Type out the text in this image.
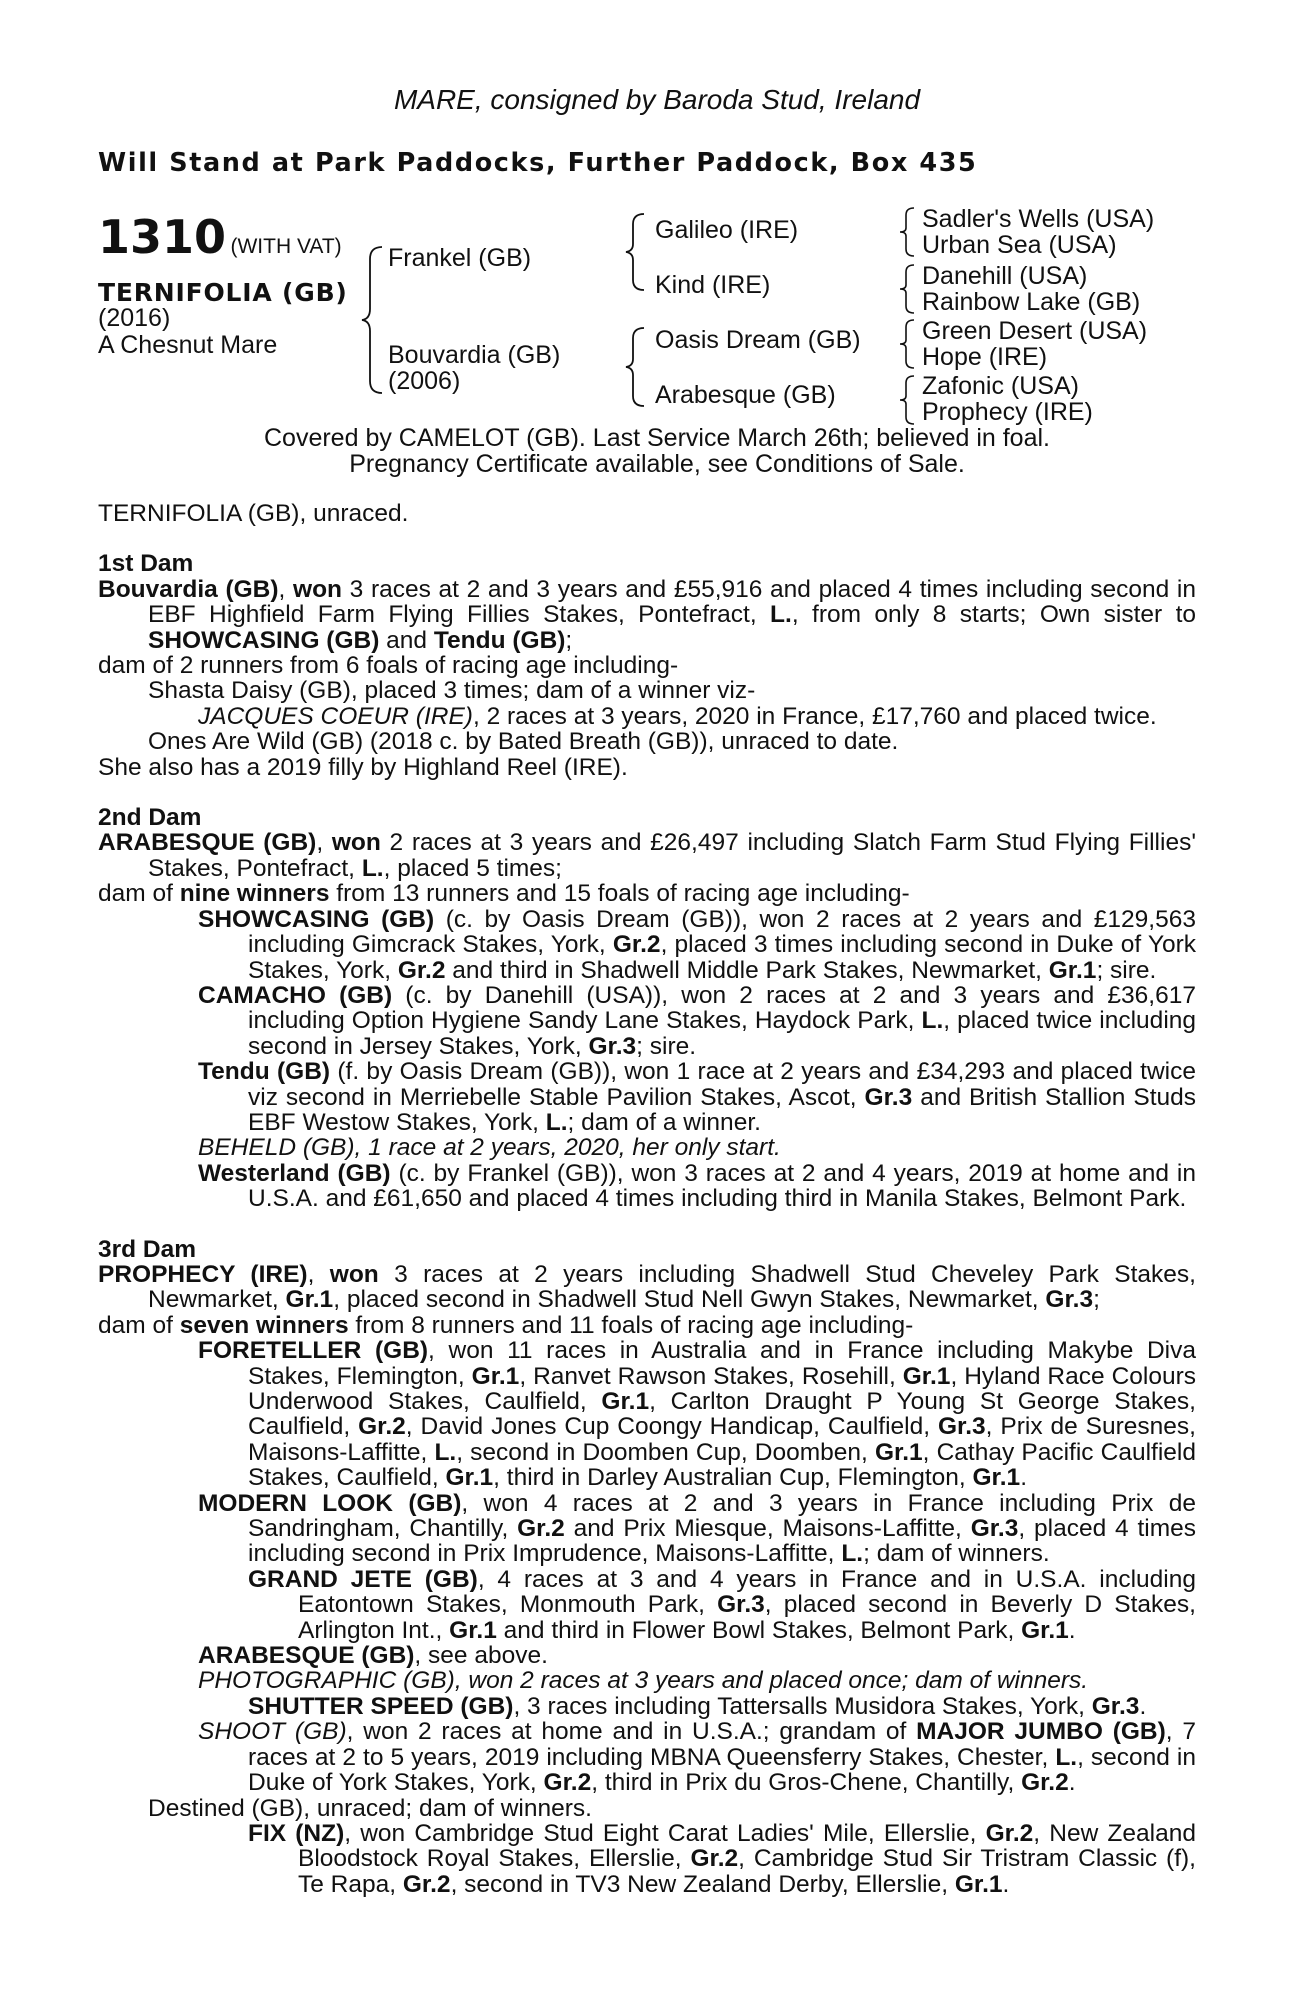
MARE, consigned by Baroda Stud, Ireland
Will Stand at Park Paddocks, Further Paddock, Box 435
1310 (WITH VAT)
TERNIFOLIA (GB)
(2016)
A Chesnut Mare
Frankel (GB)
Bouvardia (GB)
(2006)
Galileo (IRE)
Kind (IRE)
Oasis Dream (GB)
Arabesque (GB)
Sadler's Wells (USA)
Urban Sea (USA)
Danehill (USA)
Rainbow Lake (GB)
Green Desert (USA)
Hope (IRE)
Zafonic (USA)
Prophecy (IRE)
Covered by CAMELOT (GB). Last Service March 26th; believed in foal.
Pregnancy Certificate available, see Conditions of Sale.

TERNIFOLIA (GB), unraced.

1st Dam

Bouvardia (GB), won 3 races at 2 and 3 years and £55,916 and placed 4 times including second in EBF Highfield Farm Flying Fillies Stakes, Pontefract, L., from only 8 starts; Own sister to SHOWCASING (GB) and Tendu (GB);

dam of 2 runners from 6 foals of racing age including-

Shasta Daisy (GB), placed 3 times; dam of a winner viz-

JACQUES COEUR (IRE), 2 races at 3 years, 2020 in France, £17,760 and placed twice.

Ones Are Wild (GB) (2018 c. by Bated Breath (GB)), unraced to date.

She also has a 2019 filly by Highland Reel (IRE).

2nd Dam

ARABESQUE (GB), won 2 races at 3 years and £26,497 including Slatch Farm Stud Flying Fillies' Stakes, Pontefract, L., placed 5 times;

dam of nine winners from 13 runners and 15 foals of racing age including-

SHOWCASING (GB) (c. by Oasis Dream (GB)), won 2 races at 2 years and £129,563 including Gimcrack Stakes, York, Gr.2, placed 3 times including second in Duke of York Stakes, York, Gr.2 and third in Shadwell Middle Park Stakes, Newmarket, Gr.1; sire.

CAMACHO (GB) (c. by Danehill (USA)), won 2 races at 2 and 3 years and £36,617 including Option Hygiene Sandy Lane Stakes, Haydock Park, L., placed twice including second in Jersey Stakes, York, Gr.3; sire.

Tendu (GB) (f. by Oasis Dream (GB)), won 1 race at 2 years and £34,293 and placed twice viz second in Merriebelle Stable Pavilion Stakes, Ascot, Gr.3 and British Stallion Studs EBF Westow Stakes, York, L.; dam of a winner.

BEHELD (GB), 1 race at 2 years, 2020, her only start.

Westerland (GB) (c. by Frankel (GB)), won 3 races at 2 and 4 years, 2019 at home and in U.S.A. and £61,650 and placed 4 times including third in Manila Stakes, Belmont Park.

3rd Dam

PROPHECY (IRE), won 3 races at 2 years including Shadwell Stud Cheveley Park Stakes, Newmarket, Gr.1, placed second in Shadwell Stud Nell Gwyn Stakes, Newmarket, Gr.3;

dam of seven winners from 8 runners and 11 foals of racing age including-

FORETELLER (GB), won 11 races in Australia and in France including Makybe Diva Stakes, Flemington, Gr.1, Ranvet Rawson Stakes, Rosehill, Gr.1, Hyland Race Colours Underwood Stakes, Caulfield, Gr.1, Carlton Draught P Young St George Stakes, Caulfield, Gr.2, David Jones Cup Coongy Handicap, Caulfield, Gr.3, Prix de Suresnes, Maisons-Laffitte, L., second in Doomben Cup, Doomben, Gr.1, Cathay Pacific Caulfield Stakes, Caulfield, Gr.1, third in Darley Australian Cup, Flemington, Gr.1.

MODERN LOOK (GB), won 4 races at 2 and 3 years in France including Prix de Sandringham, Chantilly, Gr.2 and Prix Miesque, Maisons-Laffitte, Gr.3, placed 4 times including second in Prix Imprudence, Maisons-Laffitte, L.; dam of winners.

GRAND JETE (GB), 4 races at 3 and 4 years in France and in U.S.A. including Eatontown Stakes, Monmouth Park, Gr.3, placed second in Beverly D Stakes, Arlington Int., Gr.1 and third in Flower Bowl Stakes, Belmont Park, Gr.1.

ARABESQUE (GB), see above.

PHOTOGRAPHIC (GB), won 2 races at 3 years and placed once; dam of winners.

SHUTTER SPEED (GB), 3 races including Tattersalls Musidora Stakes, York, Gr.3.

SHOOT (GB), won 2 races at home and in U.S.A.; grandam of MAJOR JUMBO (GB), 7 races at 2 to 5 years, 2019 including MBNA Queensferry Stakes, Chester, L., second in Duke of York Stakes, York, Gr.2, third in Prix du Gros-Chene, Chantilly, Gr.2.

Destined (GB), unraced; dam of winners.

FIX (NZ), won Cambridge Stud Eight Carat Ladies' Mile, Ellerslie, Gr.2, New Zealand Bloodstock Royal Stakes, Ellerslie, Gr.2, Cambridge Stud Sir Tristram Classic (f), Te Rapa, Gr.2, second in TV3 New Zealand Derby, Ellerslie, Gr.1.
